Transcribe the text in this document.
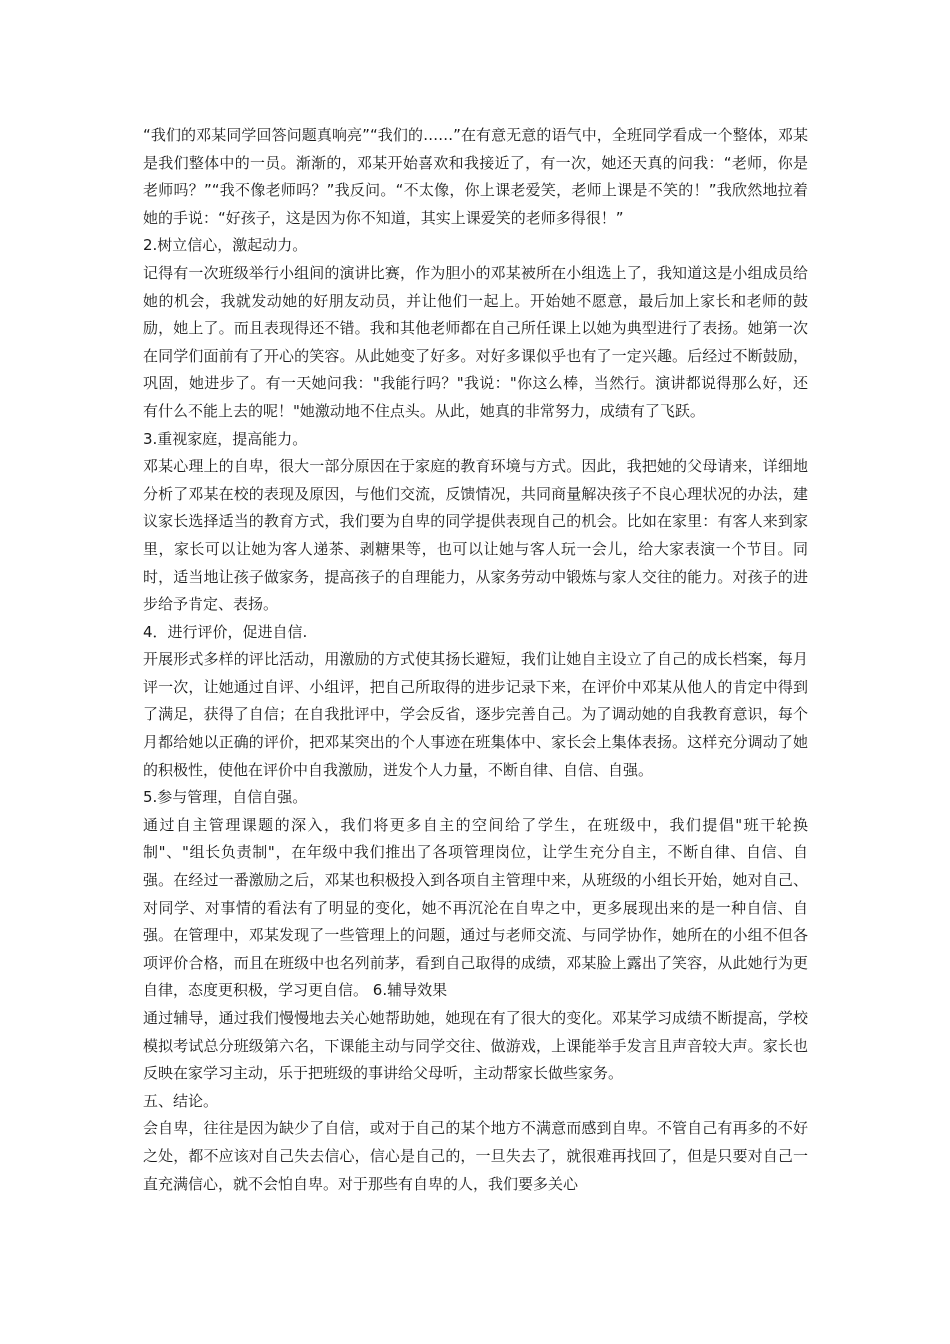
“我们的邓某同学回答问题真响亮”“我们的……”在有意无意的语气中，全班同学看成一个整体，邓某是我们整体中的一员。渐渐的，邓某开始喜欢和我接近了，有一次，她还天真的问我：“老师，你是老师吗？”“我不像老师吗？”我反问。“不太像，你上课老爱笑，老师上课是不笑的！”我欣然地拉着她的手说：“好孩子，这是因为你不知道，其实上课爱笑的老师多得很！”

2.树立信心，激起动力。

记得有一次班级举行小组间的演讲比赛，作为胆小的邓某被所在小组选上了，我知道这是小组成员给她的机会，我就发动她的好朋友动员，并让他们一起上。开始她不愿意，最后加上家长和老师的鼓励，她上了。而且表现得还不错。我和其他老师都在自己所任课上以她为典型进行了表扬。她第一次在同学们面前有了开心的笑容。从此她变了好多。对好多课似乎也有了一定兴趣。后经过不断鼓励，巩固，她进步了。有一天她问我："我能行吗？"我说："你这么棒，当然行。演讲都说得那么好，还有什么不能上去的呢！"她激动地不住点头。从此，她真的非常努力，成绩有了飞跃。

3.重视家庭，提高能力。

邓某心理上的自卑，很大一部分原因在于家庭的教育环境与方式。因此，我把她的父母请来，详细地分析了邓某在校的表现及原因，与他们交流，反馈情况，共同商量解决孩子不良心理状况的办法，建议家长选择适当的教育方式，我们要为自卑的同学提供表现自己的机会。比如在家里：有客人来到家里，家长可以让她为客人递茶、剥糖果等，也可以让她与客人玩一会儿，给大家表演一个节目。同时，适当地让孩子做家务，提高孩子的自理能力，从家务劳动中锻炼与家人交往的能力。对孩子的进步给予肯定、表扬。

4．进行评价，促进自信.

开展形式多样的评比活动，用激励的方式使其扬长避短，我们让她自主设立了自己的成长档案，每月评一次，让她通过自评、小组评，把自己所取得的进步记录下来，在评价中邓某从他人的肯定中得到了满足，获得了自信；在自我批评中，学会反省，逐步完善自己。为了调动她的自我教育意识，每个月都给她以正确的评价，把邓某突出的个人事迹在班集体中、家长会上集体表扬。这样充分调动了她的积极性，使他在评价中自我激励，迸发个人力量，不断自律、自信、自强。

5.参与管理，自信自强。

通过自主管理课题的深入，我们将更多自主的空间给了学生，在班级中，我们提倡"班干轮换制"、"组长负责制"，在年级中我们推出了各项管理岗位，让学生充分自主，不断自律、自信、自强。在经过一番激励之后，邓某也积极投入到各项自主管理中来，从班级的小组长开始，她对自己、对同学、对事情的看法有了明显的变化，她不再沉沦在自卑之中，更多展现出来的是一种自信、自强。在管理中，邓某发现了一些管理上的问题，通过与老师交流、与同学协作，她所在的小组不但各项评价合格，而且在班级中也名列前茅，看到自己取得的成绩，邓某脸上露出了笑容，从此她行为更自律，态度更积极，学习更自信。 6.辅导效果

通过辅导，通过我们慢慢地去关心她帮助她，她现在有了很大的变化。邓某学习成绩不断提高，学校模拟考试总分班级第六名，下课能主动与同学交往、做游戏，上课能举手发言且声音较大声。家长也反映在家学习主动，乐于把班级的事讲给父母听，主动帮家长做些家务。

五、结论。

会自卑，往往是因为缺少了自信，或对于自己的某个地方不满意而感到自卑。不管自己有再多的不好之处，都不应该对自己失去信心，信心是自己的，一旦失去了，就很难再找回了，但是只要对自己一直充满信心，就不会怕自卑。对于那些有自卑的人，我们要多关心
